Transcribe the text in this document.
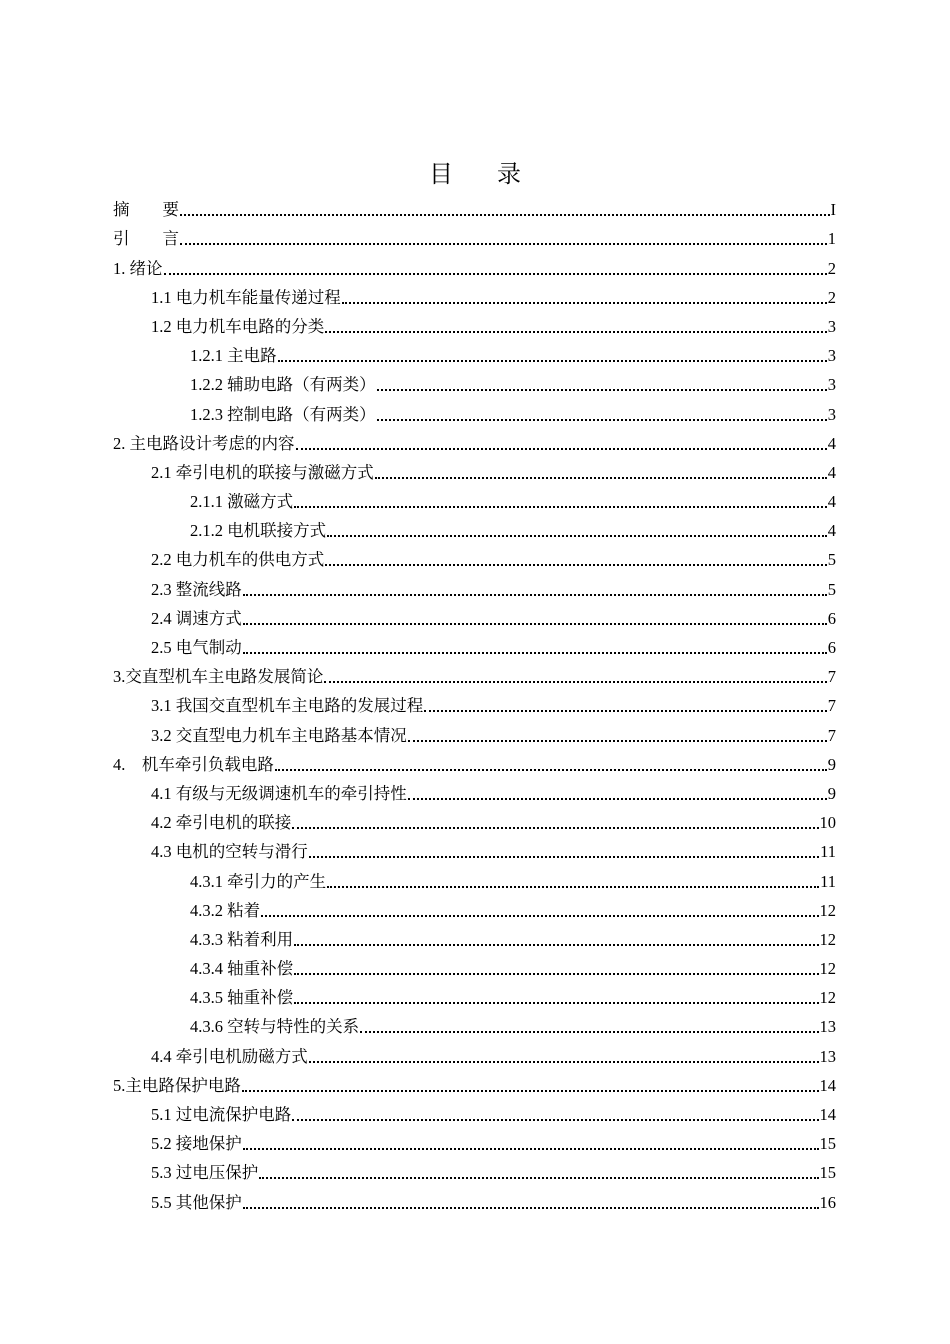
目 录
摘　　要	I
引　　言	1
1. 绪论	2
1.1 电力机车能量传递过程	2
1.2 电力机车电路的分类	3
1.2.1 主电路	3
1.2.2 辅助电路（有两类）	3
1.2.3 控制电路（有两类）	3
2. 主电路设计考虑的内容	4
2.1 牵引电机的联接与激磁方式	4
2.1.1 激磁方式	4
2.1.2 电机联接方式	4
2.2 电力机车的供电方式	5
2.3 整流线路	5
2.4 调速方式	6
2.5 电气制动	6
3.交直型机车主电路发展简论	7
3.1 我国交直型机车主电路的发展过程	7
3.2 交直型电力机车主电路基本情况	7
4.　机车牵引负载电路	9
4.1 有级与无级调速机车的牵引持性	9
4.2 牵引电机的联接	10
4.3 电机的空转与滑行	11
4.3.1 牵引力的产生	11
4.3.2 粘着	12
4.3.3 粘着利用	12
4.3.4 轴重补偿	12
4.3.5 轴重补偿	12
4.3.6 空转与特性的关系	13
4.4 牵引电机励磁方式	13
5.主电路保护电路	14
5.1 过电流保护电路	14
5.2 接地保护	15
5.3 过电压保护	15
5.5 其他保护	16
